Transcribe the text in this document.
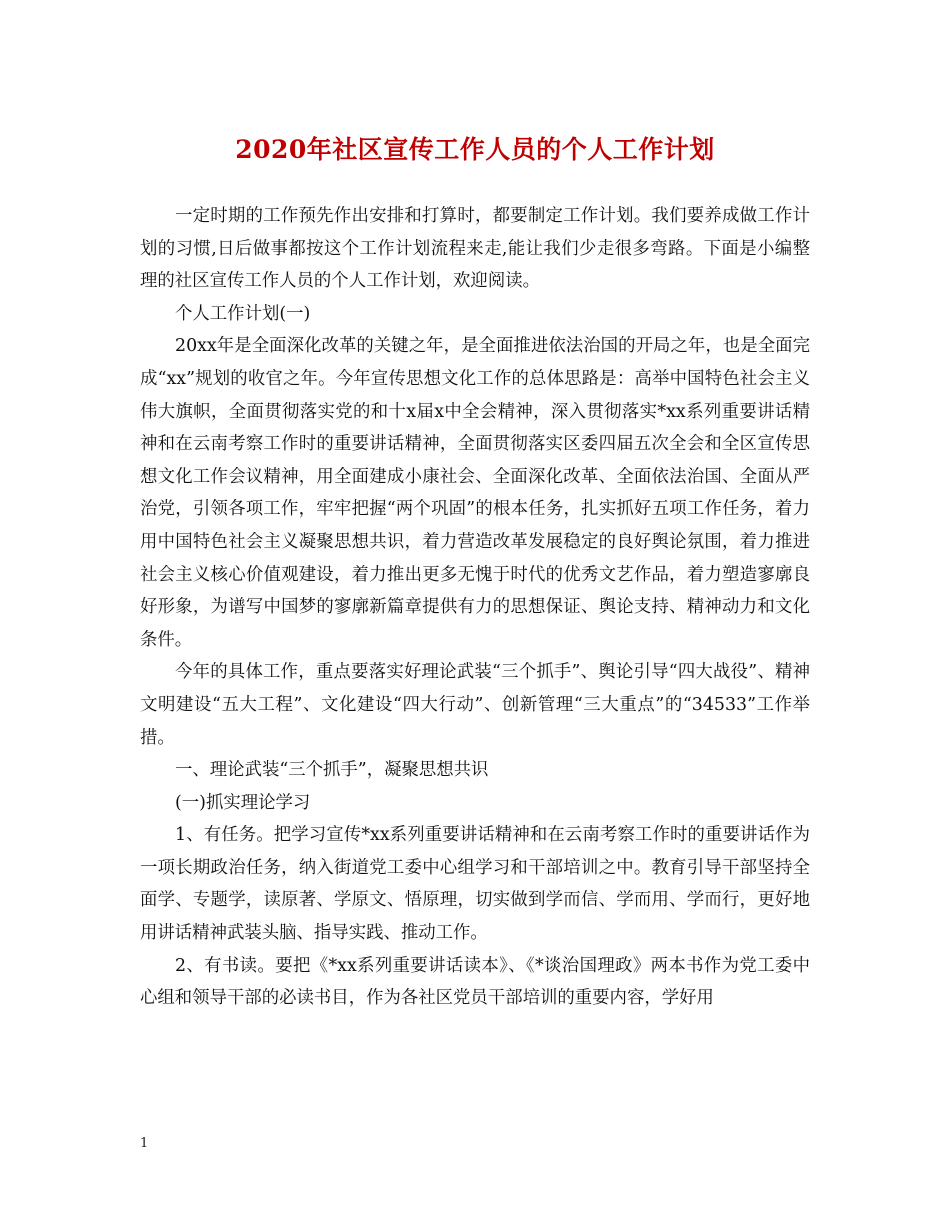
2020年社区宣传工作人员的个人工作计划

一定时期的工作预先作出安排和打算时，都要制定工作计划。我们要养成做工作计划的习惯,日后做事都按这个工作计划流程来走,能让我们少走很多弯路。下面是小编整理的社区宣传工作人员的个人工作计划，欢迎阅读。

个人工作计划(一)

20xx年是全面深化改革的关键之年，是全面推进依法治国的开局之年，也是全面完成“xx”规划的收官之年。今年宣传思想文化工作的总体思路是：高举中国特色社会主义伟大旗帜，全面贯彻落实党的和十x届x中全会精神，深入贯彻落实*xx系列重要讲话精神和在云南考察工作时的重要讲话精神，全面贯彻落实区委四届五次全会和全区宣传思想文化工作会议精神，用全面建成小康社会、全面深化改革、全面依法治国、全面从严治党，引领各项工作，牢牢把握“两个巩固”的根本任务，扎实抓好五项工作任务，着力用中国特色社会主义凝聚思想共识，着力营造改革发展稳定的良好舆论氛围，着力推进社会主义核心价值观建设，着力推出更多无愧于时代的优秀文艺作品，着力塑造寥廓良好形象，为谱写中国梦的寥廓新篇章提供有力的思想保证、舆论支持、精神动力和文化条件。

今年的具体工作，重点要落实好理论武装“三个抓手”、舆论引导“四大战役”、精神文明建设“五大工程”、文化建设“四大行动”、创新管理“三大重点”的“34533”工作举措。

一、理论武装“三个抓手”，凝聚思想共识

(一)抓实理论学习

1、有任务。把学习宣传*xx系列重要讲话精神和在云南考察工作时的重要讲话作为一项长期政治任务，纳入街道党工委中心组学习和干部培训之中。教育引导干部坚持全面学、专题学，读原著、学原文、悟原理，切实做到学而信、学而用、学而行，更好地用讲话精神武装头脑、指导实践、推动工作。

2、有书读。要把《*xx系列重要讲话读本》、《*谈治国理政》两本书作为党工委中心组和领导干部的必读书目，作为各社区党员干部培训的重要内容，学好用

1
